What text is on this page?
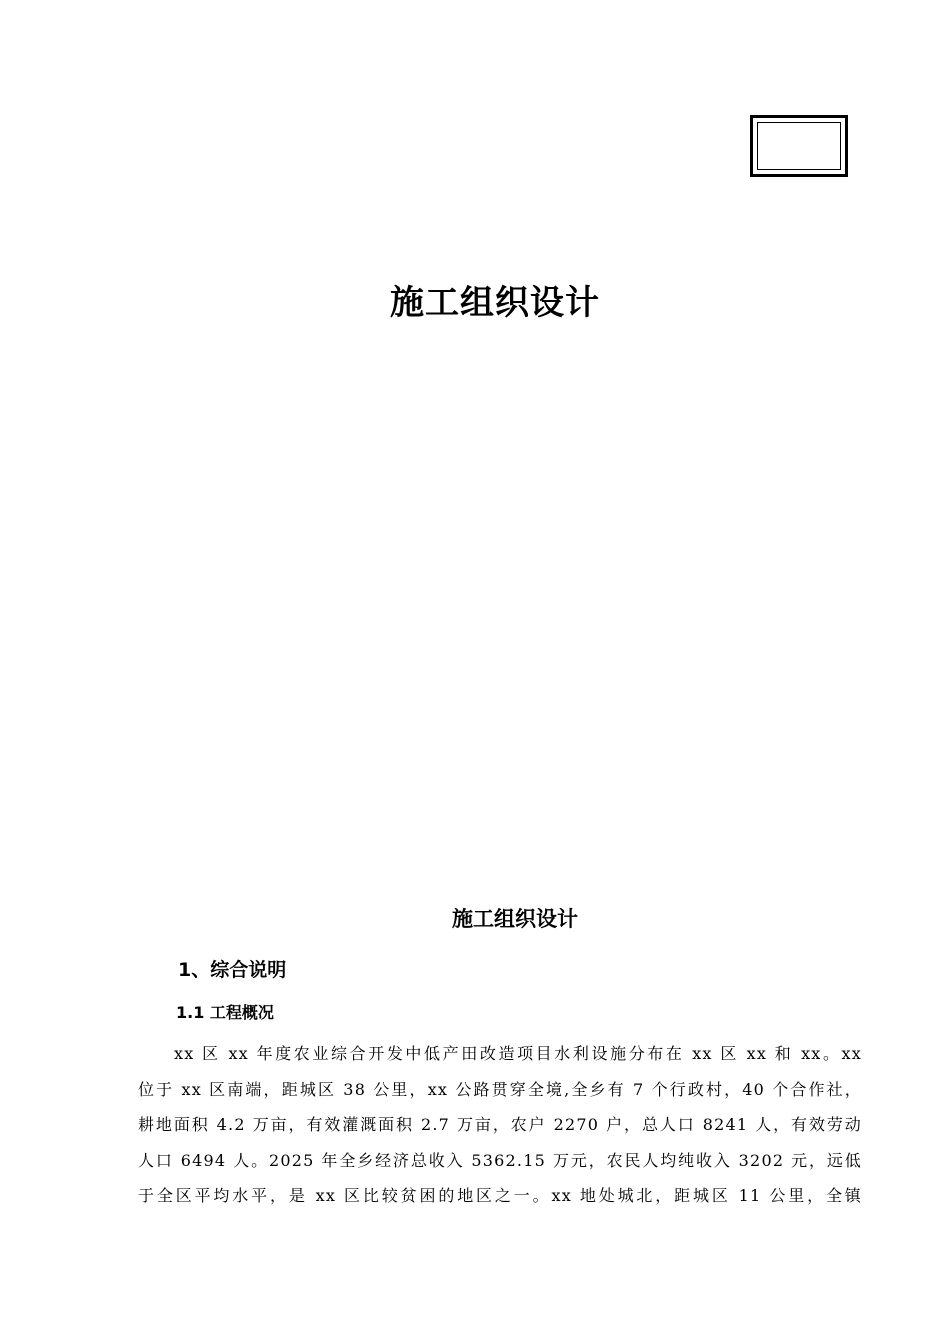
施工组织设计
施工组织设计
1、综合说明
1.1 工程概况
xx 区 xx 年度农业综合开发中低产田改造项目水利设施分布在 xx 区 xx 和 xx。xx
位于 xx 区南端，距城区 38 公里，xx 公路贯穿全境,全乡有 7 个行政村，40 个合作社，
耕地面积 4.2 万亩，有效灌溉面积 2.7 万亩，农户 2270 户，总人口 8241 人，有效劳动
人口 6494 人。2025 年全乡经济总收入 5362.15 万元，农民人均纯收入 3202 元，远低
于全区平均水平，是 xx 区比较贫困的地区之一。xx 地处城北，距城区 11 公里，全镇
